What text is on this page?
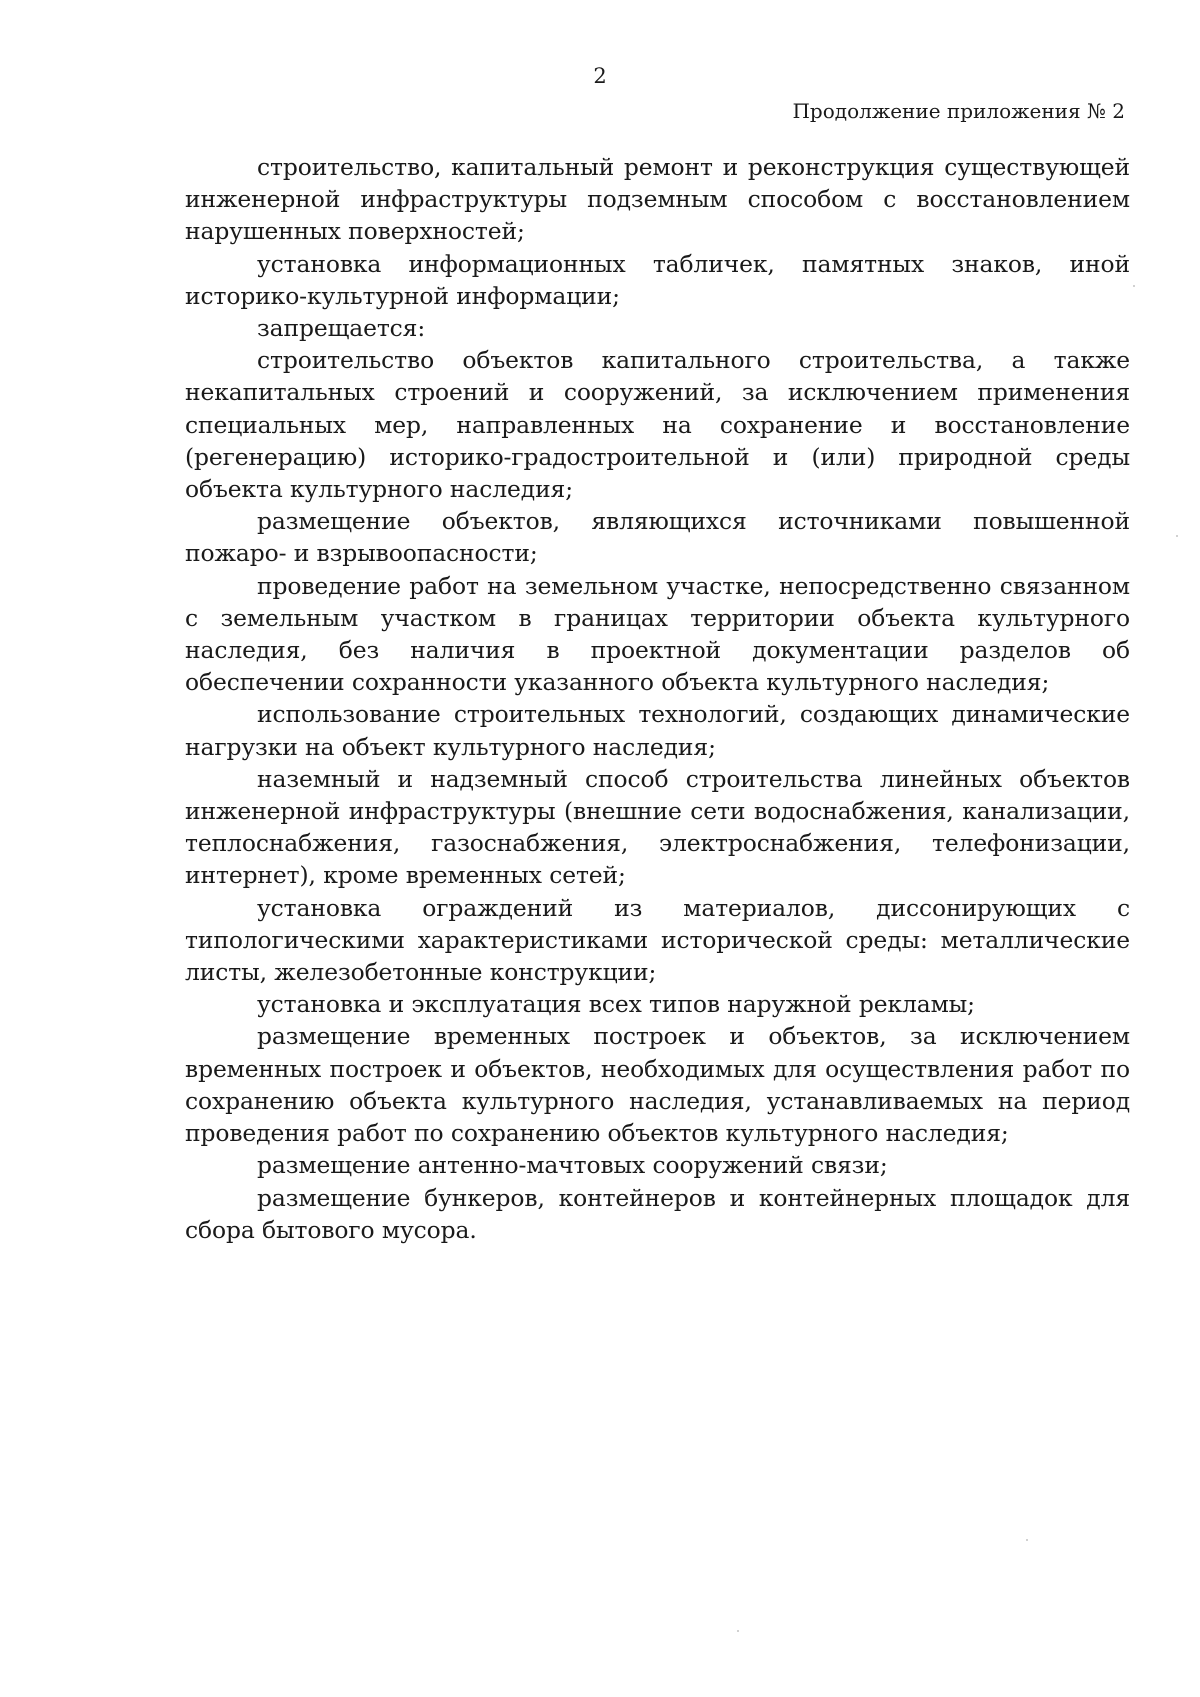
2
Продолжение приложения № 2

строительство, капитальный ремонт и реконструкция существующей инженерной инфраструктуры подземным способом с восстановлением нарушенных поверхностей;

установка информационных табличек, памятных знаков, иной историко-культурной информации;

запрещается:

строительство объектов капитального строительства, а также некапитальных строений и сооружений, за исключением применения специальных мер, направленных на сохранение и восстановление (регенерацию) историко-градостроительной и (или) природной среды объекта культурного наследия;

размещение объектов, являющихся источниками повышенной пожаро- и взрывоопасности;

проведение работ на земельном участке, непосредственно связанном с земельным участком в границах территории объекта культурного наследия, без наличия в проектной документации разделов об обеспечении сохранности указанного объекта культурного наследия;

использование строительных технологий, создающих динамические нагрузки на объект культурного наследия;

наземный и надземный способ строительства линейных объектов инженерной инфраструктуры (внешние сети водоснабжения, канализации, теплоснабжения, газоснабжения, электроснабжения, телефонизации, интернет), кроме временных сетей;

установка ограждений из материалов, диссонирующих с типологическими характеристиками исторической среды: металлические листы, железобетонные конструкции;

установка и эксплуатация всех типов наружной рекламы;

размещение временных построек и объектов, за исключением временных построек и объектов, необходимых для осуществления работ по сохранению объекта культурного наследия, устанавливаемых на период проведения работ по сохранению объектов культурного наследия;

размещение антенно-мачтовых сооружений связи;

размещение бункеров, контейнеров и контейнерных площадок для сбора бытового мусора.
